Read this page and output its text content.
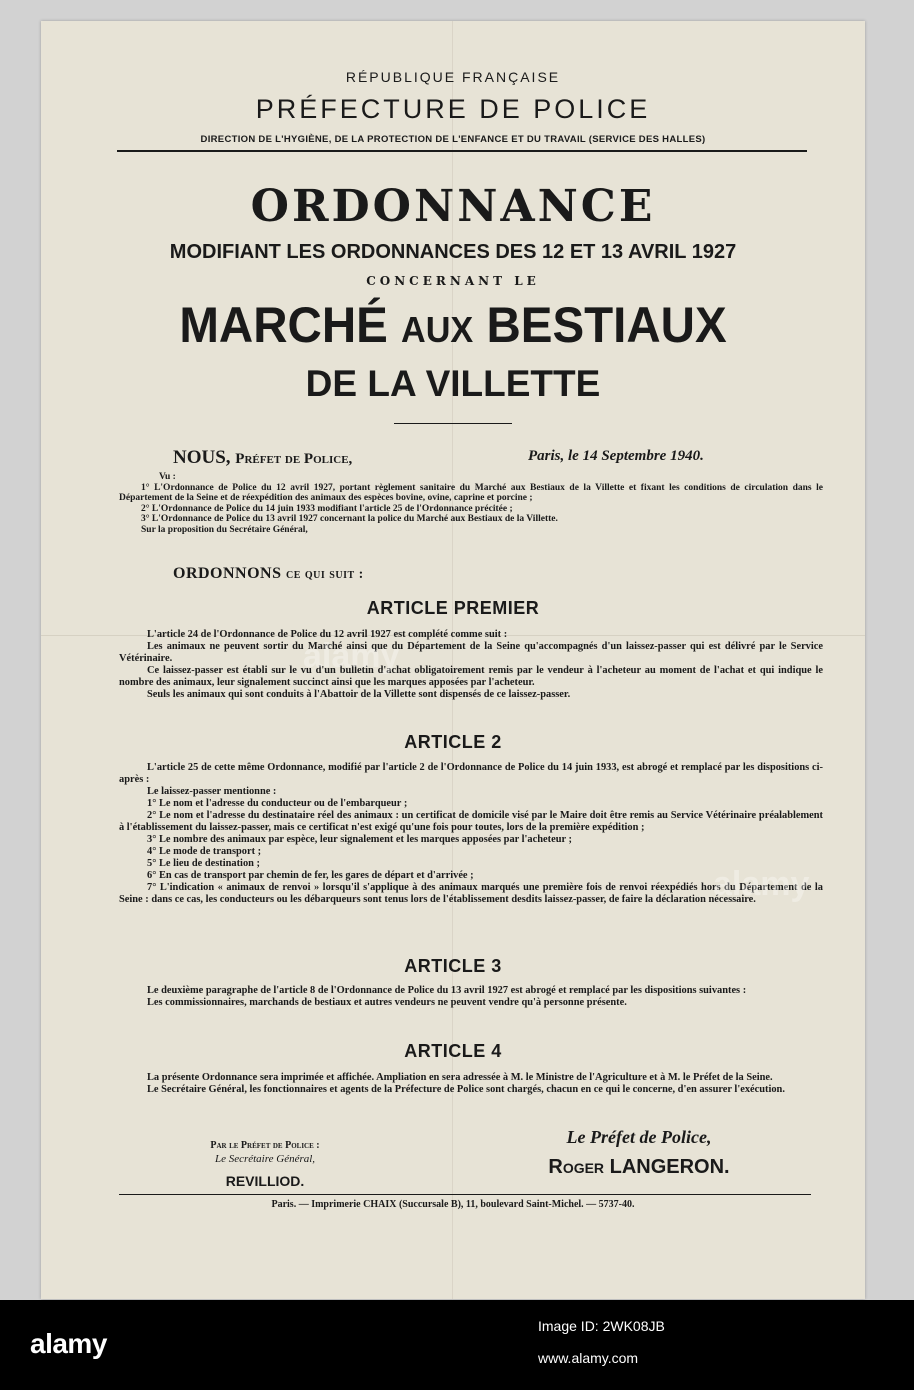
RÉPUBLIQUE FRANÇAISE
PRÉFECTURE DE POLICE
DIRECTION DE L'HYGIÈNE, DE LA PROTECTION DE L'ENFANCE ET DU TRAVAIL (SERVICE DES HALLES)
ORDONNANCE
MODIFIANT LES ORDONNANCES DES 12 ET 13 AVRIL 1927
CONCERNANT LE
MARCHÉ AUX BESTIAUX
DE LA VILLETTE
NOUS, Préfet de Police,	Paris, le 14 Septembre 1940.

Vu :

1° L'Ordonnance de Police du 12 avril 1927, portant règlement sanitaire du Marché aux Bestiaux de la Villette et fixant les conditions de circulation dans le Département de la Seine et de réexpédition des animaux des espèces bovine, ovine, caprine et porcine ;

2° L'Ordonnance de Police du 14 juin 1933 modifiant l'article 25 de l'Ordonnance précitée ;

3° L'Ordonnance de Police du 13 avril 1927 concernant la police du Marché aux Bestiaux de la Villette.

Sur la proposition du Secrétaire Général,

ORDONNONS ce qui suit :
ARTICLE PREMIER

L'article 24 de l'Ordonnance de Police du 12 avril 1927 est complété comme suit :

Les animaux ne peuvent sortir du Marché ainsi que du Département de la Seine qu'accompagnés d'un laissez-passer qui est délivré par le Service Vétérinaire.

Ce laissez-passer est établi sur le vu d'un bulletin d'achat obligatoirement remis par le vendeur à l'acheteur au moment de l'achat et qui indique le nombre des animaux, leur signalement succinct ainsi que les marques apposées par l'acheteur.

Seuls les animaux qui sont conduits à l'Abattoir de la Villette sont dispensés de ce laissez-passer.

ARTICLE 2

L'article 25 de cette même Ordonnance, modifié par l'article 2 de l'Ordonnance de Police du 14 juin 1933, est abrogé et remplacé par les dispositions ci-après :

Le laissez-passer mentionne :

1° Le nom et l'adresse du conducteur ou de l'embarqueur ;

2° Le nom et l'adresse du destinataire réel des animaux : un certificat de domicile visé par le Maire doit être remis au Service Vétérinaire préalablement à l'établissement du laissez-passer, mais ce certificat n'est exigé qu'une fois pour toutes, lors de la première expédition ;

3° Le nombre des animaux par espèce, leur signalement et les marques apposées par l'acheteur ;

4° Le mode de transport ;

5° Le lieu de destination ;

6° En cas de transport par chemin de fer, les gares de départ et d'arrivée ;

7° L'indication « animaux de renvoi » lorsqu'il s'applique à des animaux marqués une première fois de renvoi réexpédiés hors du Département de la Seine : dans ce cas, les conducteurs ou les débarqueurs sont tenus lors de l'établissement desdits laissez-passer, de faire la déclaration nécessaire.

ARTICLE 3

Le deuxième paragraphe de l'article 8 de l'Ordonnance de Police du 13 avril 1927 est abrogé et remplacé par les dispositions suivantes :

Les commissionnaires, marchands de bestiaux et autres vendeurs ne peuvent vendre qu'à personne présente.

ARTICLE 4

La présente Ordonnance sera imprimée et affichée. Ampliation en sera adressée à M. le Ministre de l'Agriculture et à M. le Préfet de la Seine.

Le Secrétaire Général, les fonctionnaires et agents de la Préfecture de Police sont chargés, chacun en ce qui le concerne, d'en assurer l'exécution.

Par le Préfet de Police :
Le Secrétaire Général,
REVILLIOD.
Le Préfet de Police,
Roger LANGERON.
Paris. — Imprimerie CHAIX (Succursale B), 11, boulevard Saint-Michel. — 5737-40.
alamy
alamy
alamy
Image ID: 2WK08JB
www.alamy.com
